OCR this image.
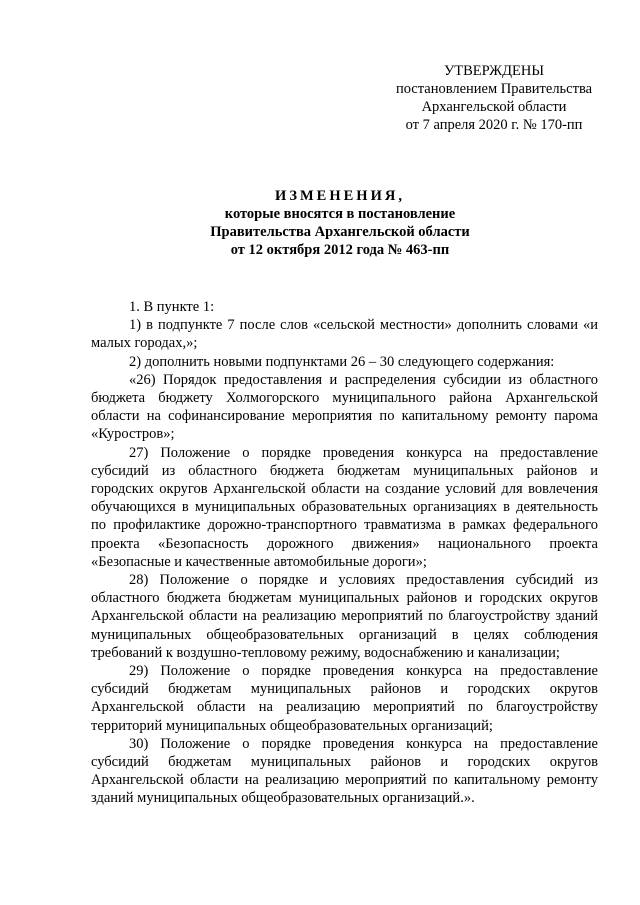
УТВЕРЖДЕНЫ
постановлением Правительства
Архангельской области
от 7 апреля 2020 г. № 170-пп
ИЗМЕНЕНИЯ,
которые вносятся в постановление
Правительства Архангельской области
от 12 октября 2012 года № 463-пп

1. В пункте 1:

1) в подпункте 7 после слов «сельской местности» дополнить словами «и малых городах,»;

2) дополнить новыми подпунктами 26 – 30 следующего содержания:

«26) Порядок предоставления и распределения субсидии из областного бюджета бюджету Холмогорского муниципального района Архангельской области на софинансирование мероприятия по капитальному ремонту парома «Куростров»;

27) Положение о порядке проведения конкурса на предоставление субсидий из областного бюджета бюджетам муниципальных районов и городских округов Архангельской области на создание условий для вовлечения обучающихся в муниципальных образовательных организациях в деятельность по профилактике дорожно-транспортного травматизма в рамках федерального проекта «Безопасность дорожного движения» национального проекта «Безопасные и качественные автомобильные дороги»;

28) Положение о порядке и условиях предоставления субсидий из областного бюджета бюджетам муниципальных районов и городских округов Архангельской области на реализацию мероприятий по благоустройству зданий муниципальных общеобразовательных организаций в целях соблюдения требований к воздушно-тепловому режиму, водоснабжению и канализации;

29) Положение о порядке проведения конкурса на предоставление субсидий бюджетам муниципальных районов и городских округов Архангельской области на реализацию мероприятий по благоустройству территорий муниципальных общеобразовательных организаций;

30) Положение о порядке проведения конкурса на предоставление субсидий бюджетам муниципальных районов и городских округов Архангельской области на реализацию мероприятий по капитальному ремонту зданий муниципальных общеобразовательных организаций.».
